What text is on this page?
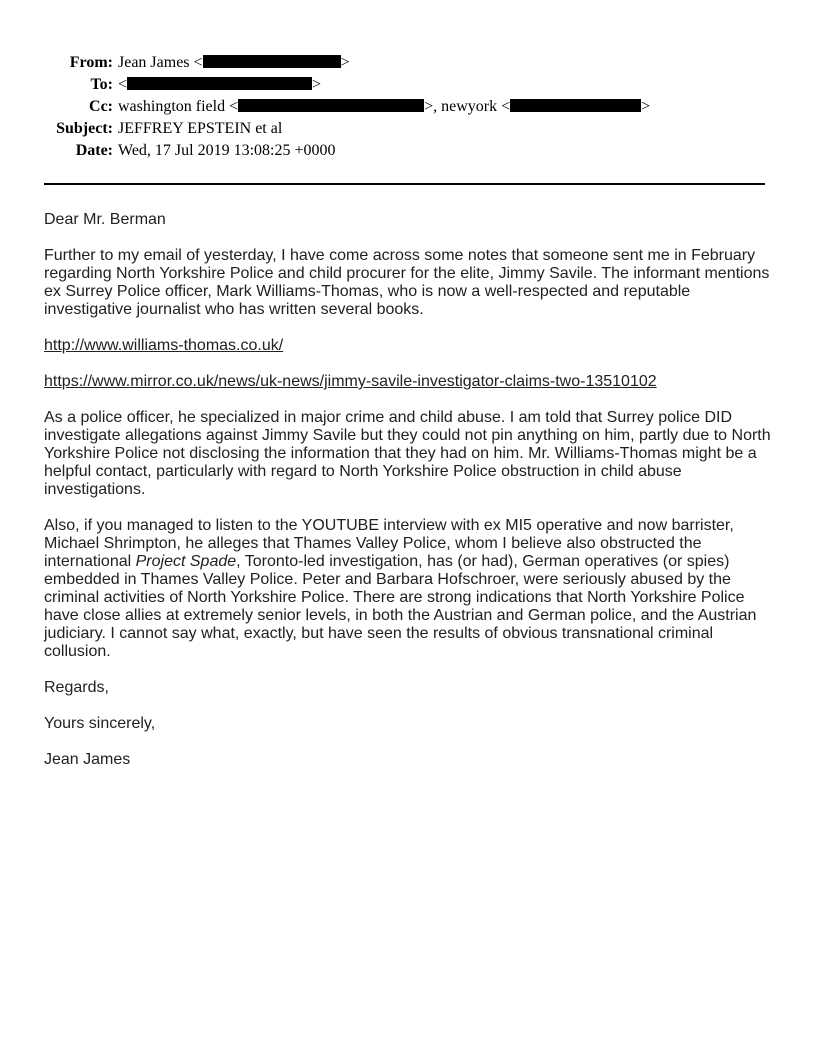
From: Jean James <	>
To: <	>
Cc: washington field <	>, newyork <	>
Subject: JEFFREY EPSTEIN et al
Date: Wed, 17 Jul 2019 13:08:25 +0000

Dear Mr. Berman

Further to my email of yesterday, I have come across some notes that someone sent me in February regarding North Yorkshire Police and child procurer for the elite, Jimmy Savile. The informant mentions ex Surrey Police officer, Mark Williams-Thomas, who is now a well-respected and reputable investigative journalist who has written several books.

http://www.williams-thomas.co.uk/

https://www.mirror.co.uk/news/uk-news/jimmy-savile-investigator-claims-two-13510102

As a police officer, he specialized in major crime and child abuse. I am told that Surrey police DID investigate allegations against Jimmy Savile but they could not pin anything on him, partly due to North Yorkshire Police not disclosing the information that they had on him. Mr. Williams-Thomas might be a helpful contact, particularly with regard to North Yorkshire Police obstruction in child abuse investigations.

Also, if you managed to listen to the YOUTUBE interview with ex MI5 operative and now barrister, Michael Shrimpton, he alleges that Thames Valley Police, whom I believe also obstructed the international Project Spade, Toronto-led investigation, has (or had), German operatives (or spies) embedded in Thames Valley Police. Peter and Barbara Hofschroer, were seriously abused by the criminal activities of North Yorkshire Police. There are strong indications that North Yorkshire Police have close allies at extremely senior levels, in both the Austrian and German police, and the Austrian judiciary. I cannot say what, exactly, but have seen the results of obvious transnational criminal collusion.

Regards,

Yours sincerely,

Jean James
